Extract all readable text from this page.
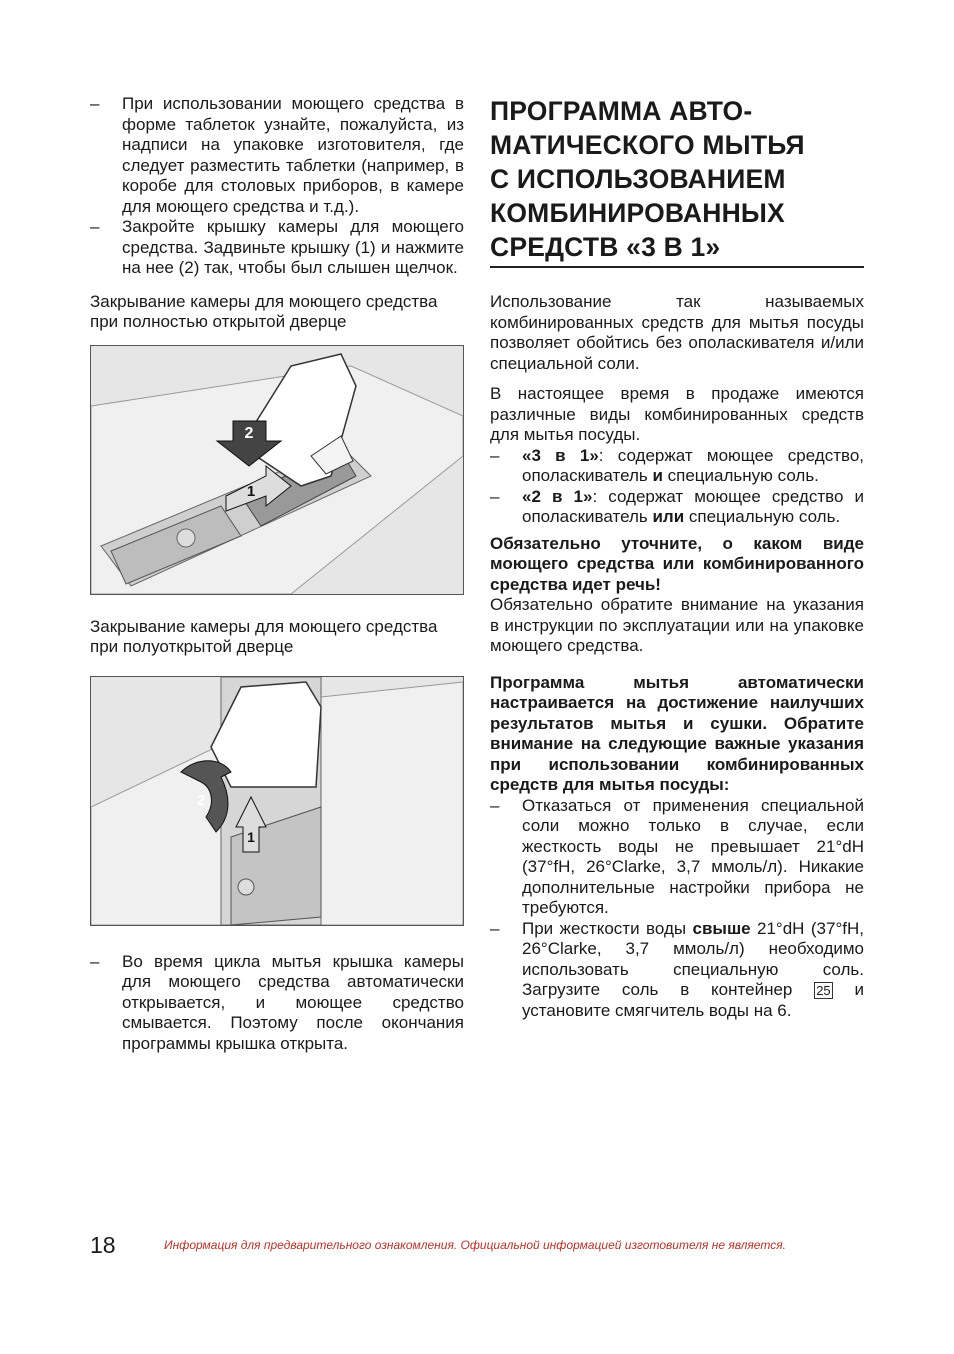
–	При использовании моющего средства в форме таблеток узнайте, пожалуйста, из надписи на упаковке изготовителя, где следует разместить таблетки (например, в коробе для столовых приборов, в камере для моющего средства и т.д.).
–	Закройте крышку камеры для моющего средства. Задвиньте крышку (1) и нажмите на нее (2) так, чтобы был слышен щелчок.
Закрывание камеры для моющего средства при полностью открытой дверце
2
1
Закрывание камеры для моющего средства при полуоткрытой дверце
2
1
–	Во время цикла мытья крышка камеры для моющего средства автоматически открывается, и моющее средство смывается. Поэтому после окончания программы крышка открыта.
ПРОГРАММА АВТО-
МАТИЧЕСКОГО МЫТЬЯ
С ИСПОЛЬЗОВАНИЕМ
КОМБИНИРОВАННЫХ
СРЕДСТВ «3 В 1»

Использование так называемых комбинированных средств для мытья посуды позволяет обойтись без ополаскивателя и/или специальной соли.

В настоящее время в продаже имеются различные виды комбинированных средств для мытья посуды.

–	«3 в 1»: содержат моющее средство, ополаскиватель и специальную соль.
–	«2 в 1»: содержат моющее средство и ополаскиватель или специальную соль.

Обязательно уточните, о каком виде моющего средства или комбинированного средства идет речь!

Обязательно обратите внимание на указания в инструкции по эксплуатации или на упаковке моющего средства.

Программа мытья автоматически настраивается на достижение наилучших результатов мытья и сушки. Обратите внимание на следующие важные указания при использовании комбинированных средств для мытья посуды:

–	Отказаться от применения специальной соли можно только в случае, если жесткость воды не превышает 21°dH (37°fH, 26°Clarke, 3,7 ммоль/л). Никакие дополнительные настройки прибора не требуются.
–	При жесткости воды свыше 21°dH (37°fH, 26°Clarke, 3,7 ммоль/л) необходимо использовать специальную соль. Загрузите соль в контейнер 25 и установите смягчитель воды на 6.
18	Информация для предварительного ознакомления. Официальной информацией изготовителя не является.
